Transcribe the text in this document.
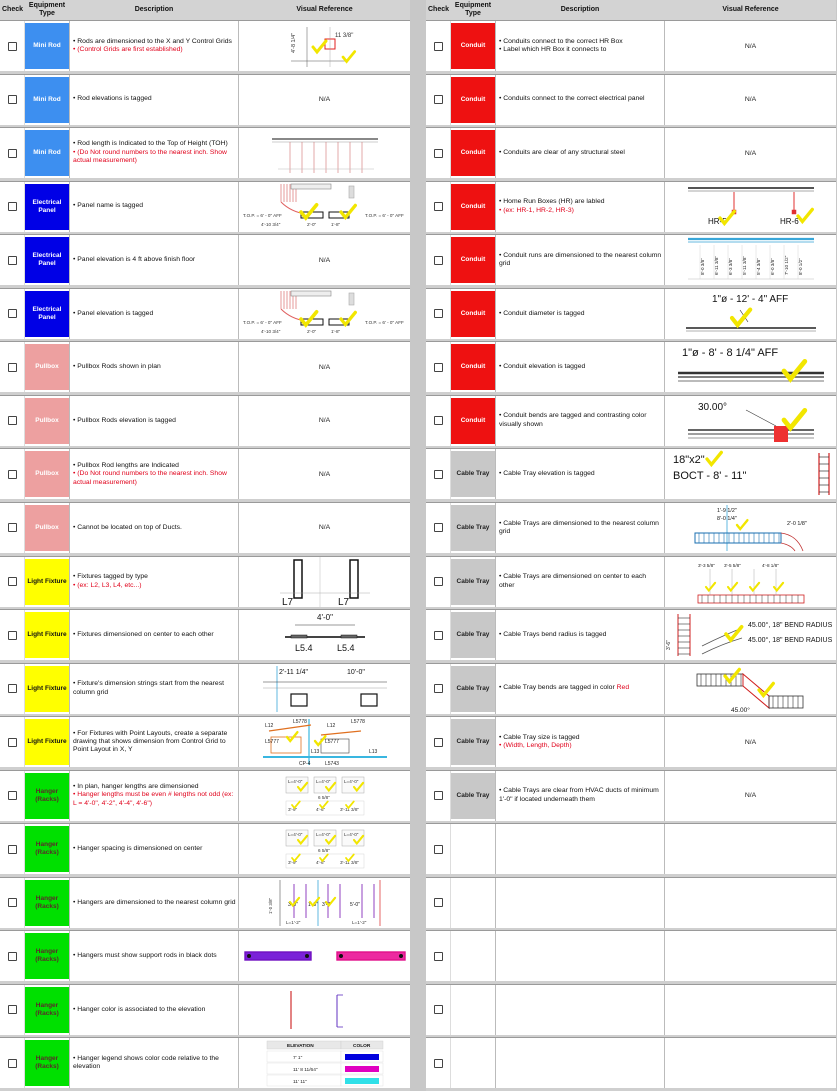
Check
Equipment Type
Description	Visual Reference
Mini Rod
• Rods are dimensioned to the X and Y Control Grids
• (Control Grids are first established)	4'-8 1/4"	11 3/8"
Mini Rod	• Rod elevations is tagged	N/A
Mini Rod
• Rod length is Indicated to the Top of Height (TOH)
• (Do Not round numbers to the nearest inch. Show actual measurement)
Electrical Panel
• Panel name is tagged
T.O.P. = 6' - 0" AFF
4'-10 3/4"	2'-0"	1'-8"
T.O.P. = 6' - 0" AFF
Electrical Panel
• Panel elevation is 4 ft above finish floor	N/A
Electrical Panel
• Panel elevation is tagged
T.O.P. = 6' - 0" AFF
4'-10 3/4"	2'-0"	1'-8"
T.O.P. = 6' - 0" AFF
Pullbox	• Pullbox Rods shown in plan	N/A
Pullbox	• Pullbox Rods elevation is tagged	N/A
Pullbox
• Pullbox Rod lengths are Indicated
• (Do Not round numbers to the nearest inch. Show actual measurement)
N/A
Pullbox	• Cannot be located on top of Ducts.	N/A
Light Fixture
• Fixtures tagged by type
• (ex: L2, L3, L4, etc...)
L7	L7
Light Fixture • Fixtures dimensioned on center to each other
4'-0"
L5.4	L5.4
Light Fixture
• Fixture's dimension strings start from the nearest column grid
2'-11 1/4"	10'-0"
Light Fixture
• For Fixtures with Point Layouts, create a separate drawing that shows dimension from Control Grid to Point Layout in X, Y
L5778
L12
L5778
L12
L5777	L5777
L13	L13
CP-4	L5743
Hanger (Racks)
• In plan, hanger lengths are dimensioned
• Hanger lengths must be even # lengths not odd (ex: L = 4'-0", 4'-2", 4'-4", 4'-6")
L=4'-0"	L=4'-0"	L=4'-0"
6 5/8"
3'-9"	4'-6"	3'-11 3/8"
Hanger (Racks)
• Hanger spacing is dimensioned on center
L=4'-0"	L=4'-0"	L=4'-0"
6 5/8"
3'-9"	4'-6"	3'-11 3/8"
Hanger (Racks)
• Hangers are dimensioned to the nearest column grid	1'-0 3/8"	3'-0" 1'-8" 3'-4"	5'-0"
L=1'-2"	L=1'-2"
Hanger (Racks)
• Hangers must show support rods in black dots
Hanger (Racks)
• Hanger color is associated to the elevation
Hanger (Racks)
• Hanger legend shows color code relative to the elevation
ELEVATION	COLOR
7' 1"
11' 8 11/64"
11' 11"
Check
Equipment Type
Description	Visual Reference
Conduit
• Conduits connect to the correct HR Box
• Label which HR Box it connects to	N/A
Conduit	• Conduits connect to the correct electrical panel	N/A
Conduit	• Conduits are clear of any structural steel	N/A
Conduit
• Home Run Boxes (HR) are labled
• (ex: HR-1, HR-2, HR-3)
HR-5	HR-6
Conduit
• Conduit runs are dimensioned to the nearest column grid	8'-0 3/8" 6'-11 3/8" 6'-3 3/8" 5'-11 3/8" 5'-4 3/8" 6'-0 3/8" 7'-10 1/2" 8'-0 1/2"
Conduit	• Conduit diameter is tagged
1"ø - 12' - 4" AFF
Conduit	• Conduit elevation is tagged
1"ø - 8' - 8 1/4" AFF
Conduit
• Conduit bends are tagged and contrasting color visually shown
30.00°
Cable Tray	• Cable Tray elevation is tagged
18"x2"
BOCT - 8' - 11"
Cable Tray
• Cable Trays are dimensioned to the nearest column grid
1'-9 1/2"
8'-0 1/4"
2'-0 1/8"
Cable Tray
• Cable Trays are dimensioned on center to each other
3'-3 5/8" 3'-5 5/8"	4'-8 1/8"
Cable Tray	• Cable Trays bend radius is tagged
3'-6"
45.00°, 18" BEND RADIUS
45.00°, 18" BEND RADIUS
Cable Tray	• Cable Tray bends are tagged in color Red
45.00°
Cable Tray
• Cable Tray size is tagged
• (Width, Length, Depth)	N/A
Cable Tray
• Cable Trays are clear from HVAC ducts of minimum 1'-0" if located underneath them	N/A
